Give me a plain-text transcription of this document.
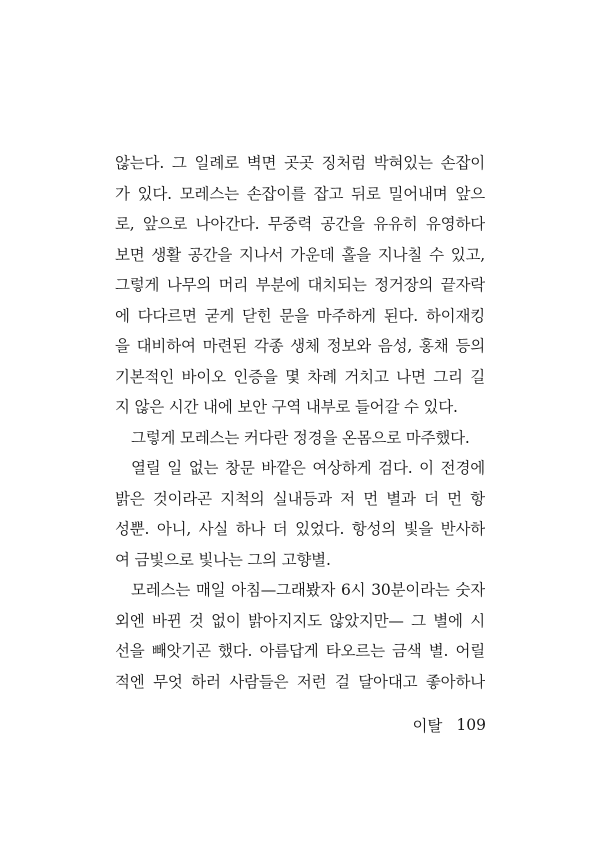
않는다. 그 일례로 벽면 곳곳 징처럼 박혀있는 손잡이
가 있다. 모레스는 손잡이를 잡고 뒤로 밀어내며 앞으
로, 앞으로 나아간다. 무중력 공간을 유유히 유영하다
보면 생활 공간을 지나서 가운데 홀을 지나칠 수 있고,
그렇게 나무의 머리 부분에 대치되는 정거장의 끝자락
에 다다르면 굳게 닫힌 문을 마주하게 된다. 하이재킹
을 대비하여 마련된 각종 생체 정보와 음성, 홍채 등의
기본적인 바이오 인증을 몇 차례 거치고 나면 그리 길
지 않은 시간 내에 보안 구역 내부로 들어갈 수 있다.
그렇게 모레스는 커다란 정경을 온몸으로 마주했다.
열릴 일 없는 창문 바깥은 여상하게 검다. 이 전경에
밝은 것이라곤 지척의 실내등과 저 먼 별과 더 먼 항
성뿐. 아니, 사실 하나 더 있었다. 항성의 빛을 반사하
여 금빛으로 빛나는 그의 고향별.
모레스는 매일 아침—그래봤자 6시 30분이라는 숫자
외엔 바뀐 것 없이 밝아지지도 않았지만— 그 별에 시
선을 빼앗기곤 했다. 아름답게 타오르는 금색 별. 어릴
적엔 무엇 하러 사람들은 저런 걸 달아대고 좋아하나
이탈 109
